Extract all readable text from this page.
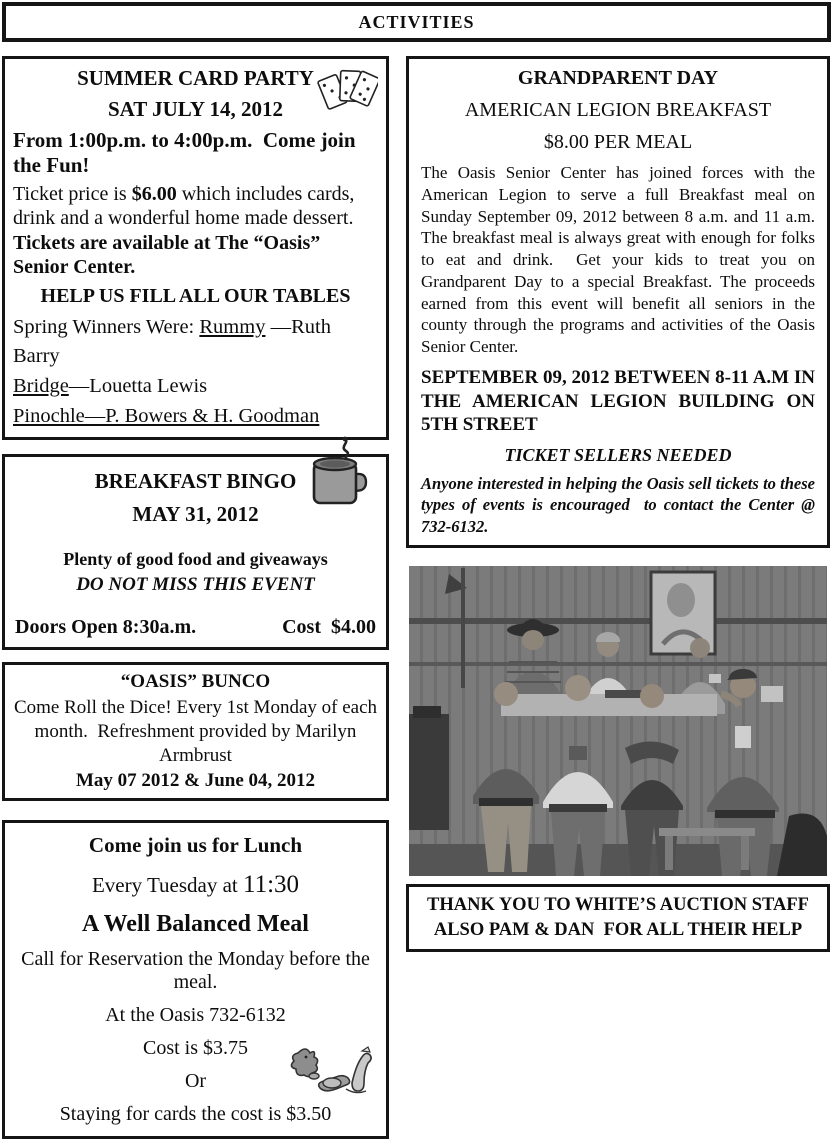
ACTIVITIES
SUMMER CARD PARTY
SAT JULY 14, 2012
From 1:00p.m. to 4:00p.m.  Come join the Fun!
Ticket price is $6.00 which includes cards, drink and a wonderful home made dessert. Tickets are available at The “Oasis” Senior Center.
HELP US FILL ALL OUR TABLES
Spring Winners Were: Rummy —Ruth Barry
Bridge—Louetta Lewis
Pinochle—P. Bowers & H. Goodman
BREAKFAST BINGO
MAY 31, 2012
Plenty of good food and giveaways
DO NOT MISS THIS EVENT
Doors Open 8:30a.m.	Cost  $4.00
“OASIS” BUNCO
Come Roll the Dice! Every 1st Monday of each month.  Refreshment provided by Marilyn Armbrust
May 07 2012 & June 04, 2012
Come join us for Lunch
Every Tuesday at 11:30
A Well Balanced Meal
Call for Reservation the Monday before the meal.
At the Oasis 732-6132
Cost is $3.75
Or
Staying for cards the cost is $3.50
GRANDPARENT DAY
AMERICAN LEGION BREAKFAST
$8.00 PER MEAL
The Oasis Senior Center has joined forces with the American Legion to serve a full Breakfast meal on Sunday September 09, 2012 between 8 a.m. and 11 a.m. The breakfast meal is always great with enough for folks to eat and drink.  Get your kids to treat you on Grandparent Day to a special Breakfast. The proceeds earned from this event will benefit all seniors in the county through the programs and activities of the Oasis Senior Center.
SEPTEMBER 09, 2012 BETWEEN 8-11 A.M IN THE AMERICAN LEGION BUILDING ON 5TH STREET
TICKET SELLERS NEEDED
Anyone interested in helping the Oasis sell tickets to these types of events is encouraged  to contact the Center @ 732-6132.
THANK YOU TO WHITE’S AUCTION STAFF
ALSO PAM & DAN  FOR ALL THEIR HELP
